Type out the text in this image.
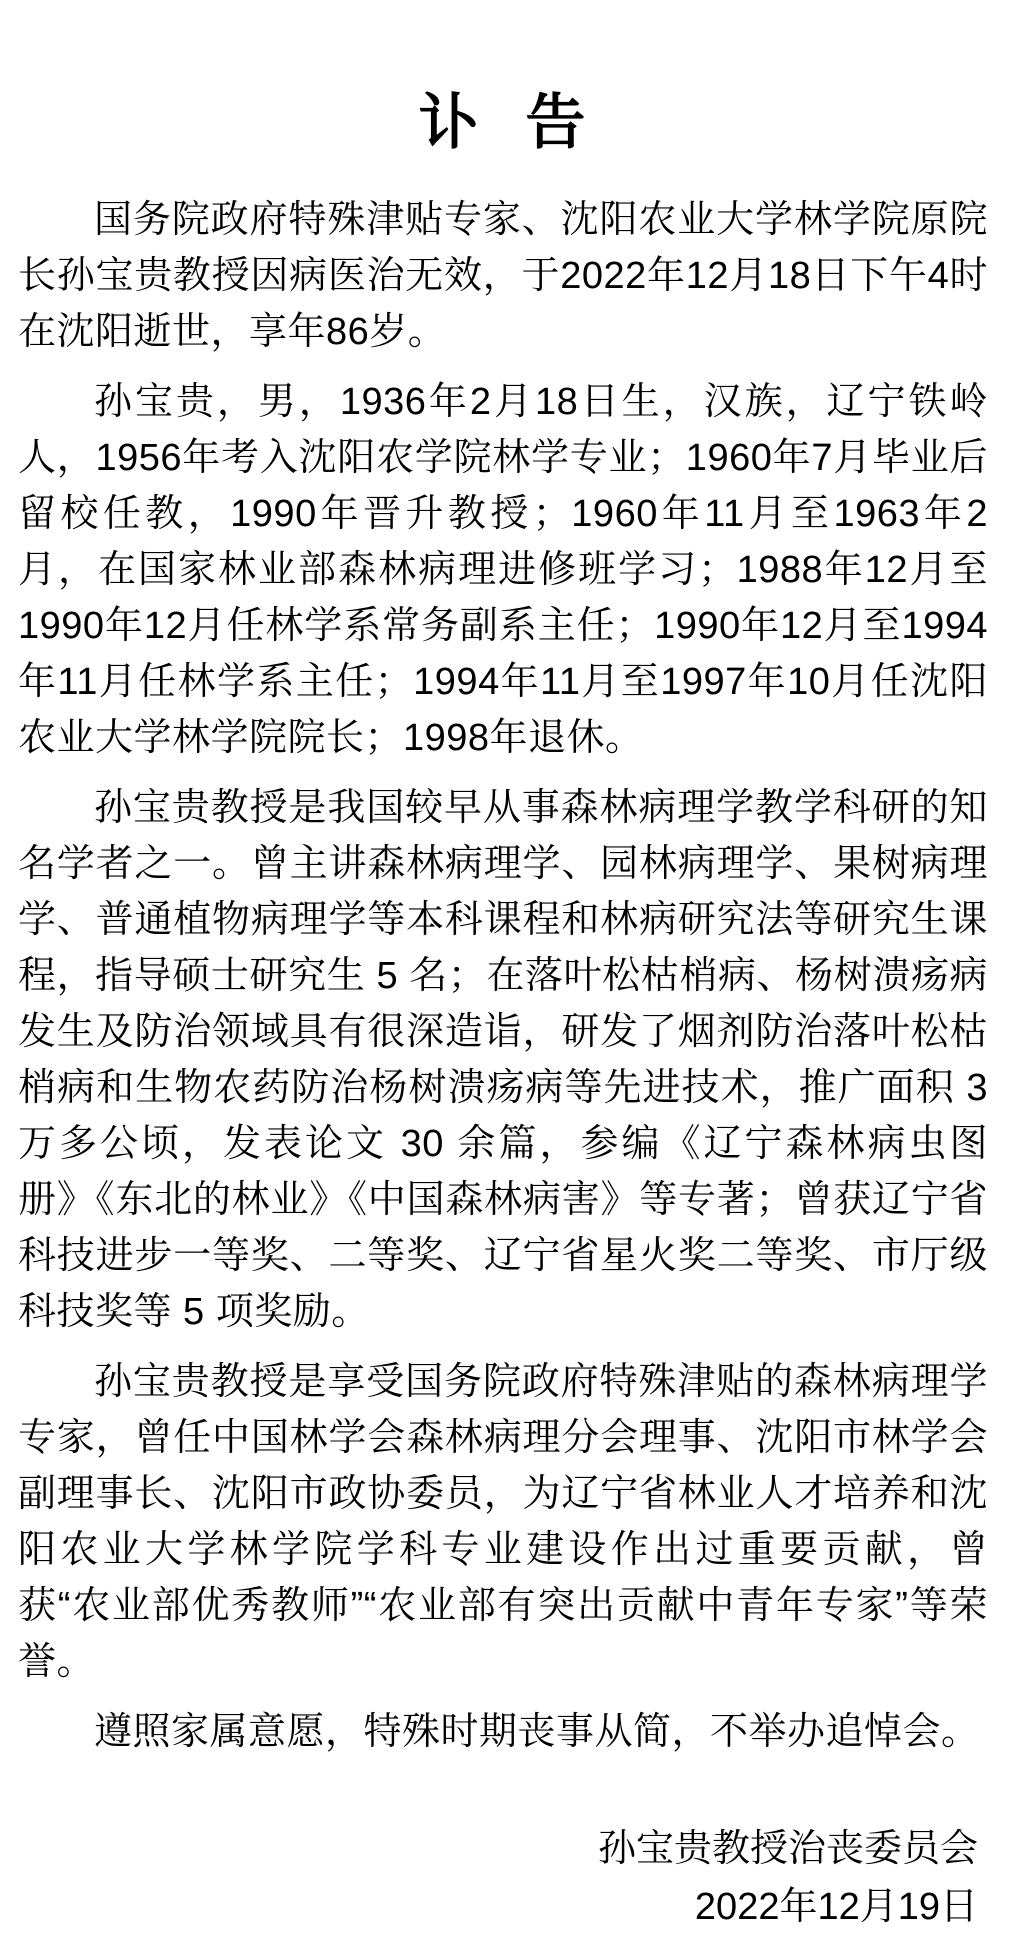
讣 告

国务院政府特殊津贴专家、沈阳农业大学林学院原院长孙宝贵教授因病医治无效，于2022年12月18日下午4时在沈阳逝世，享年86岁。

孙宝贵，男，1936年2月18日生，汉族，辽宁铁岭人，1956年考入沈阳农学院林学专业；1960年7月毕业后留校任教，1990年晋升教授；1960年11月至1963年2月，在国家林业部森林病理进修班学习；1988年12月至1990年12月任林学系常务副系主任；1990年12月至1994年11月任林学系主任；1994年11月至1997年10月任沈阳农业大学林学院院长；1998年退休。

孙宝贵教授是我国较早从事森林病理学教学科研的知名学者之一。曾主讲森林病理学、园林病理学、果树病理学、普通植物病理学等本科课程和林病研究法等研究生课程，指导硕士研究生 5 名；在落叶松枯梢病、杨树溃疡病发生及防治领域具有很深造诣，研发了烟剂防治落叶松枯梢病和生物农药防治杨树溃疡病等先进技术，推广面积 3 万多公顷，发表论文 30 余篇，参编《辽宁森林病虫图册》《东北的林业》《中国森林病害》等专著；曾获辽宁省科技进步一等奖、二等奖、辽宁省星火奖二等奖、市厅级科技奖等 5 项奖励。

孙宝贵教授是享受国务院政府特殊津贴的森林病理学专家，曾任中国林学会森林病理分会理事、沈阳市林学会副理事长、沈阳市政协委员，为辽宁省林业人才培养和沈阳农业大学林学院学科专业建设作出过重要贡献，曾获“农业部优秀教师”“农业部有突出贡献中青年专家”等荣誉。

遵照家属意愿，特殊时期丧事从简，不举办追悼会。

孙宝贵教授治丧委员会
2022年12月19日
